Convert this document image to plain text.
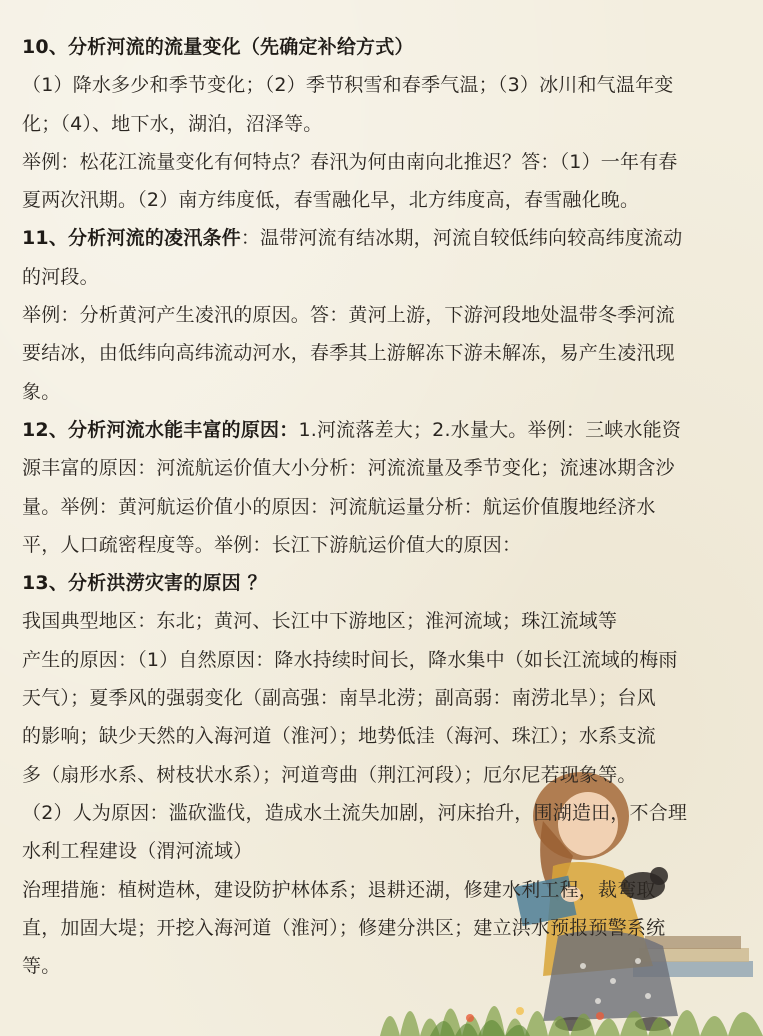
10、分析河流的流量变化（先确定补给方式）

（1）降水多少和季节变化；（2）季节积雪和春季气温；（3）冰川和气温年变

化；（4）、地下水，湖泊，沼泽等。

举例：松花江流量变化有何特点？春汛为何由南向北推迟？答：（1）一年有春

夏两次汛期。（2）南方纬度低，春雪融化早，北方纬度高，春雪融化晚。

11、分析河流的凌汛条件：温带河流有结冰期，河流自较低纬向较高纬度流动

的河段。

举例：分析黄河产生凌汛的原因。答：黄河上游，下游河段地处温带冬季河流

要结冰，由低纬向高纬流动河水，春季其上游解冻下游未解冻，易产生凌汛现

象。

12、分析河流水能丰富的原因：1.河流落差大；2.水量大。举例：三峡水能资

源丰富的原因：河流航运价值大小分析：河流流量及季节变化；流速冰期含沙

量。举例：黄河航运价值小的原因：河流航运量分析：航运价值腹地经济水

平，人口疏密程度等。举例：长江下游航运价值大的原因：

13、分析洪涝灾害的原因 ？

我国典型地区：东北；黄河、长江中下游地区；淮河流域；珠江流域等

产生的原因：（1）自然原因：降水持续时间长，降水集中（如长江流域的梅雨

天气）；夏季风的强弱变化（副高强：南旱北涝；副高弱：南涝北旱）；台风

的影响；缺少天然的入海河道（淮河）；地势低洼（海河、珠江）；水系支流

多（扇形水系、树枝状水系）；河道弯曲（荆江河段）；厄尔尼若现象等。

（2）人为原因：滥砍滥伐，造成水土流失加剧，河床抬升，围湖造田，不合理

水利工程建设（渭河流域）

治理措施：植树造林，建设防护林体系；退耕还湖，修建水利工程，裁弯取

直，加固大堤；开挖入海河道（淮河）；修建分洪区；建立洪水预报预警系统

等。
